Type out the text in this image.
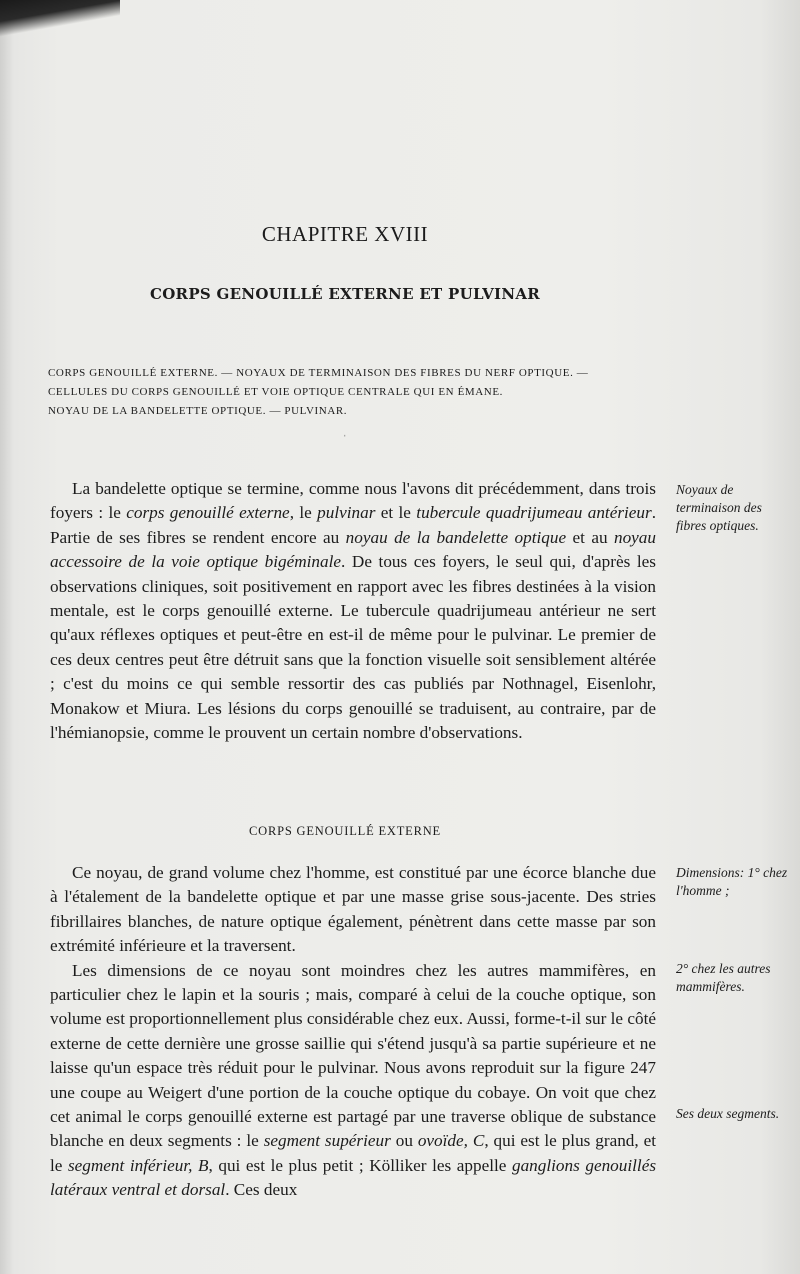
CHAPITRE XVIII
CORPS GENOUILLÉ EXTERNE ET PULVINAR
CORPS GENOUILLÉ EXTERNE. — NOYAUX DE TERMINAISON DES FIBRES DU NERF OPTIQUE. —
CELLULES DU CORPS GENOUILLÉ ET VOIE OPTIQUE CENTRALE QUI EN ÉMANE.
NOYAU DE LA BANDELETTE OPTIQUE. — PULVINAR.
ˈ

La bandelette optique se termine, comme nous l'avons dit précédemment, dans trois foyers : le corps genouillé externe, le pulvinar et le tubercule quadrijumeau antérieur. Partie de ses fibres se rendent encore au noyau de la bandelette optique et au noyau accessoire de la voie optique bigéminale. De tous ces foyers, le seul qui, d'après les observations cliniques, soit positivement en rapport avec les fibres destinées à la vision mentale, est le corps genouillé externe. Le tubercule quadrijumeau antérieur ne sert qu'aux réflexes optiques et peut-être en est-il de même pour le pulvinar. Le premier de ces deux centres peut être détruit sans que la fonction visuelle soit sensiblement altérée ; c'est du moins ce qui semble ressortir des cas publiés par Nothnagel, Eisenlohr, Monakow et Miura. Les lésions du corps genouillé se traduisent, au contraire, par de l'hémianopsie, comme le prouvent un certain nombre d'observations.

CORPS GENOUILLÉ EXTERNE

Ce noyau, de grand volume chez l'homme, est constitué par une écorce blanche due à l'étalement de la bandelette optique et par une masse grise sous-jacente. Des stries fibrillaires blanches, de nature optique également, pénètrent dans cette masse par son extrémité inférieure et la traversent.

Les dimensions de ce noyau sont moindres chez les autres mammifères, en particulier chez le lapin et la souris ; mais, comparé à celui de la couche optique, son volume est proportionnellement plus considérable chez eux. Aussi, forme-t-il sur le côté externe de cette dernière une grosse saillie qui s'étend jusqu'à sa partie supérieure et ne laisse qu'un espace très réduit pour le pulvinar. Nous avons reproduit sur la figure 247 une coupe au Weigert d'une portion de la couche optique du cobaye. On voit que chez cet animal le corps genouillé externe est partagé par une traverse oblique de substance blanche en deux segments : le segment supérieur ou ovoïde, C, qui est le plus grand, et le segment inférieur, B, qui est le plus petit ; Kölliker les appelle ganglions genouillés latéraux ventral et dorsal. Ces deux

Noyaux de terminaison des fibres optiques.
Dimensions: 1° chez l'homme ;
2° chez les autres mammifères.
Ses deux segments.
